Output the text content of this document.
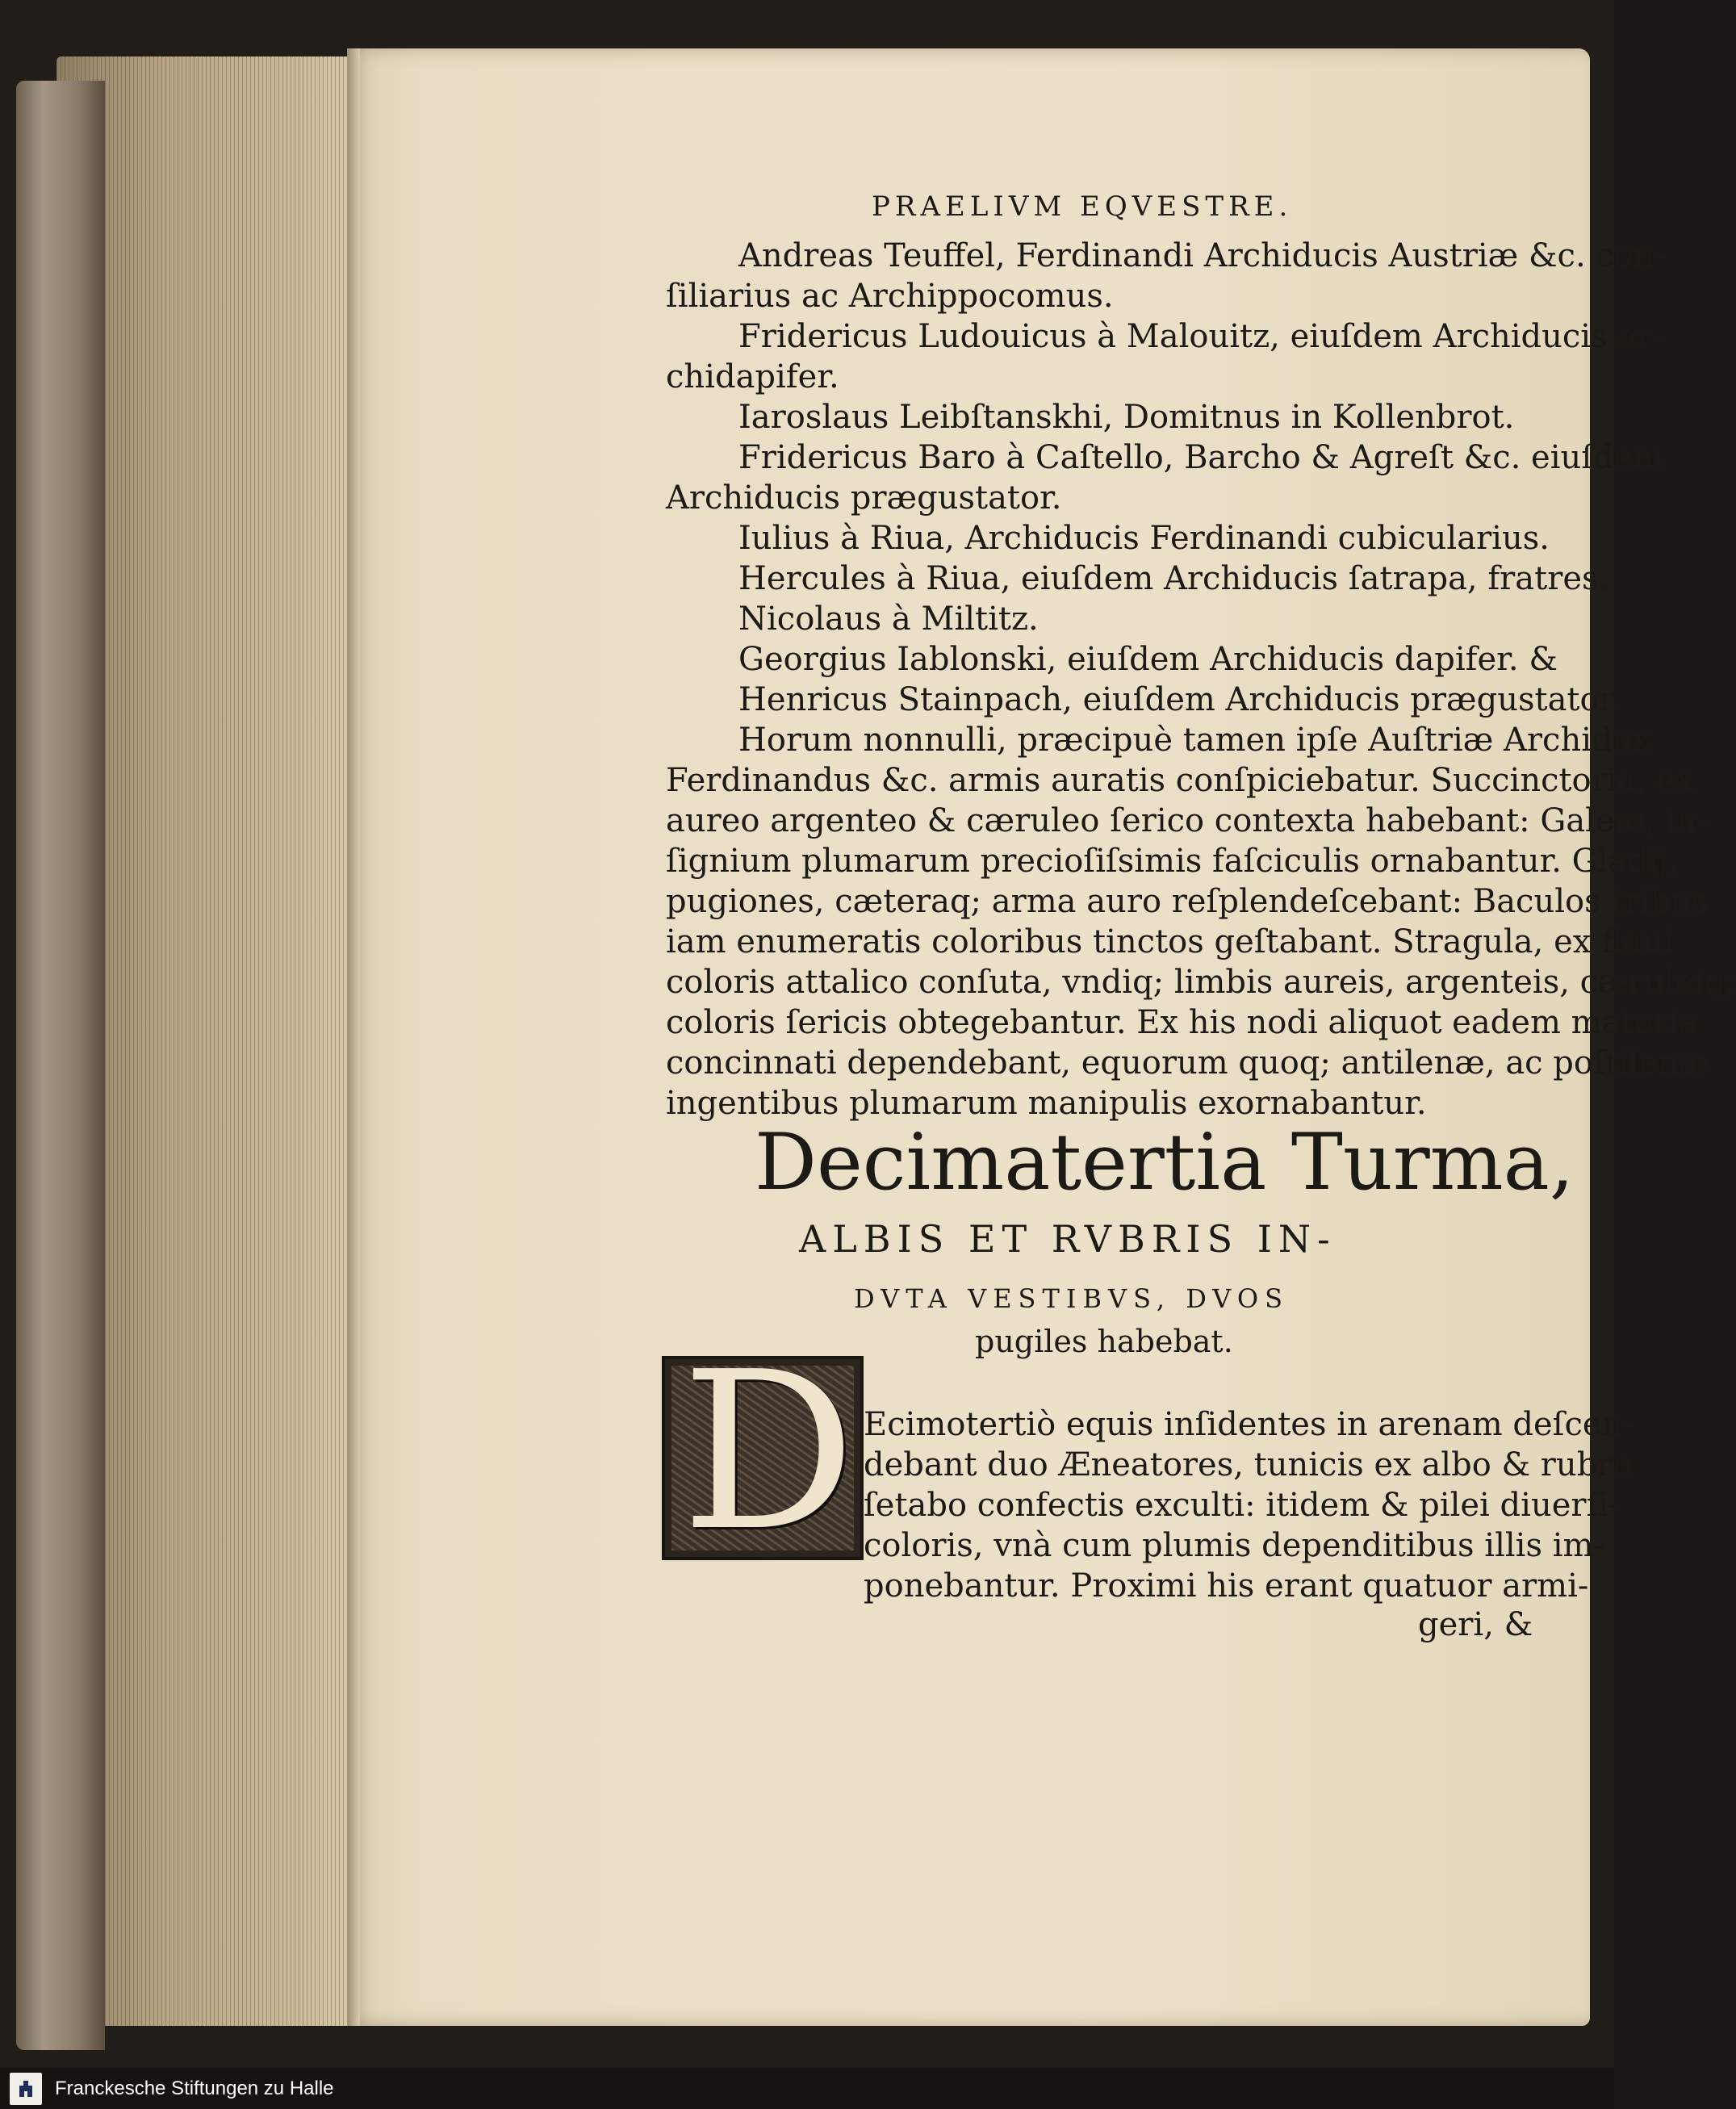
PRAELIVM EQVESTRE.
Andreas Teuffel, Ferdinandi Archiducis Austriæ &c. con-
ſiliarius ac Archippocomus.
Fridericus Ludouicus à Malouitz, eiuſdem Archiducis ar-
chidapifer.
Iaroslaus Leibſtanskhi, Domitnus in Kollenbrot.
Fridericus Baro à Caſtello, Barcho & Agreſt &c. eiuſdem
Archiducis prægustator.
Iulius à Riua, Archiducis Ferdinandi cubicularius.
Hercules à Riua, eiuſdem Archiducis ſatrapa, fratres.
Nicolaus à Miltitz.
Georgius Iablonski, eiuſdem Archiducis dapifer. &
Henricus Stainpach, eiuſdem Archiducis prægustator.
Horum nonnulli, præcipuè tamen ipſe Auſtriæ Archidux
Ferdinandus &c. armis auratis conſpiciebatur. Succinctoria, ex
aureo argenteo & cæruleo ſerico contexta habebant: Galeæ, in-
ſignium plumarum precioſiſsimis faſciculis ornabantur. Gladij,
pugiones, cæteraq; arma auro reſplendeſcebant: Baculos tribus
iam enumeratis coloribus tinctos geſtabant. Stragula, ex flaui
coloris attalico conſuta, vndiq; limbis aureis, argenteis, cæruleiq;
coloris ſericis obtegebantur. Ex his nodi aliquot eadem materia
concinnati dependebant, equorum quoq; antilenæ, ac poſtilenæ
ingentibus plumarum manipulis exornabantur.
Decimatertia Turma,
ALBIS ET RVBRIS IN-
DVTA VESTIBVS, DVOS
pugiles habebat.
D Ecimotertiò equis inſidentes in arenam deſcen-
debant duo Æneatores, tunicis ex albo & rubro
ſetabo confectis exculti: itidem & pilei diuerſi-
coloris, vnà cum plumis dependitibus illis im-
ponebantur. Proximi his erant quatuor armi-
geri, &
Franckesche Stiftungen zu Halle
